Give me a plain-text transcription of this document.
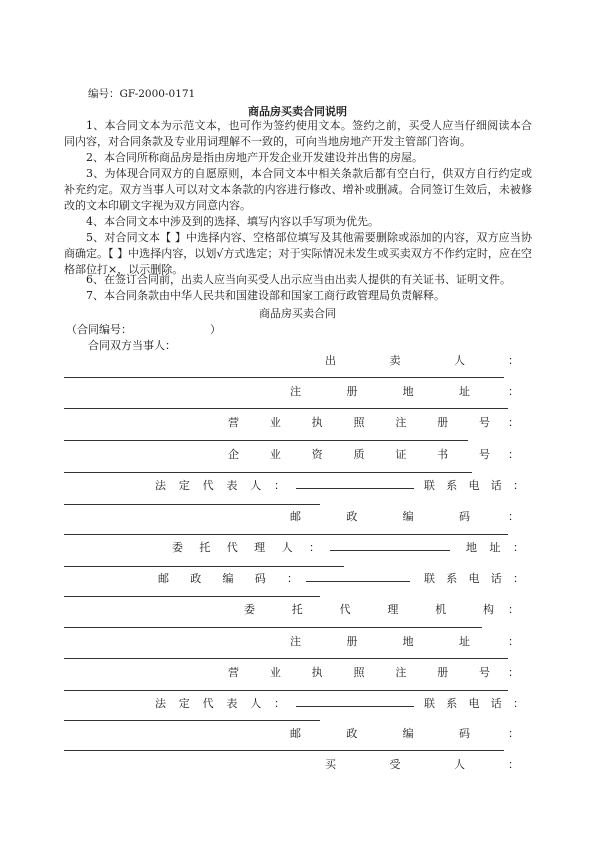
编号：GF-2000-0171
商品房买卖合同说明

1、本合同文本为示范文本，也可作为签约使用文本。签约之前，买受人应当仔细阅读本合同内容，对合同条款及专业用词理解不一致的，可向当地房地产开发主管部门咨询。

2、本合同所称商品房是指由房地产开发企业开发建设并出售的房屋。

3、为体现合同双方的自愿原则，本合同文本中相关条款后都有空白行，供双方自行约定或补充约定。双方当事人可以对文本条款的内容进行修改、增补或删减。合同签订生效后，未被修改的文本印刷文字视为双方同意内容。

4、本合同文本中涉及到的选择、填写内容以手写项为优先。

5、对合同文本【 】中选择内容、空格部位填写及其他需要删除或添加的内容，双方应当协商确定。【 】中选择内容，以划√方式选定；对于实际情况未发生或买卖双方不作约定时，应在空格部位打×，以示删除。

6、在签订合同前，出卖人应当向买受人出示应当由出卖人提供的有关证书、证明文件。

7、本合同条款由中华人民共和国建设部和国家工商行政管理局负责解释。

商品房买卖合同
（合同编号：	）
合同双方当事人：
出	卖	人	：
注	册	地	址	：
营	业	执	照	注	册	号 ：
企	业	资	质	证	书	号 ：
法 定 代 表 人 ：	联 系 电 话 ：
邮	政	编	码	：
委 托 代 理 人 ：	地 址 ：
邮 政 编 码 ：	联 系 电 话 ：
委	托	代	理	机	构 ：
注	册	地	址	：
营	业	执	照	注	册	号 ：
法 定 代 表 人 ：	联 系 电 话 ：
邮	政	编	码	：
买	受	人	：
